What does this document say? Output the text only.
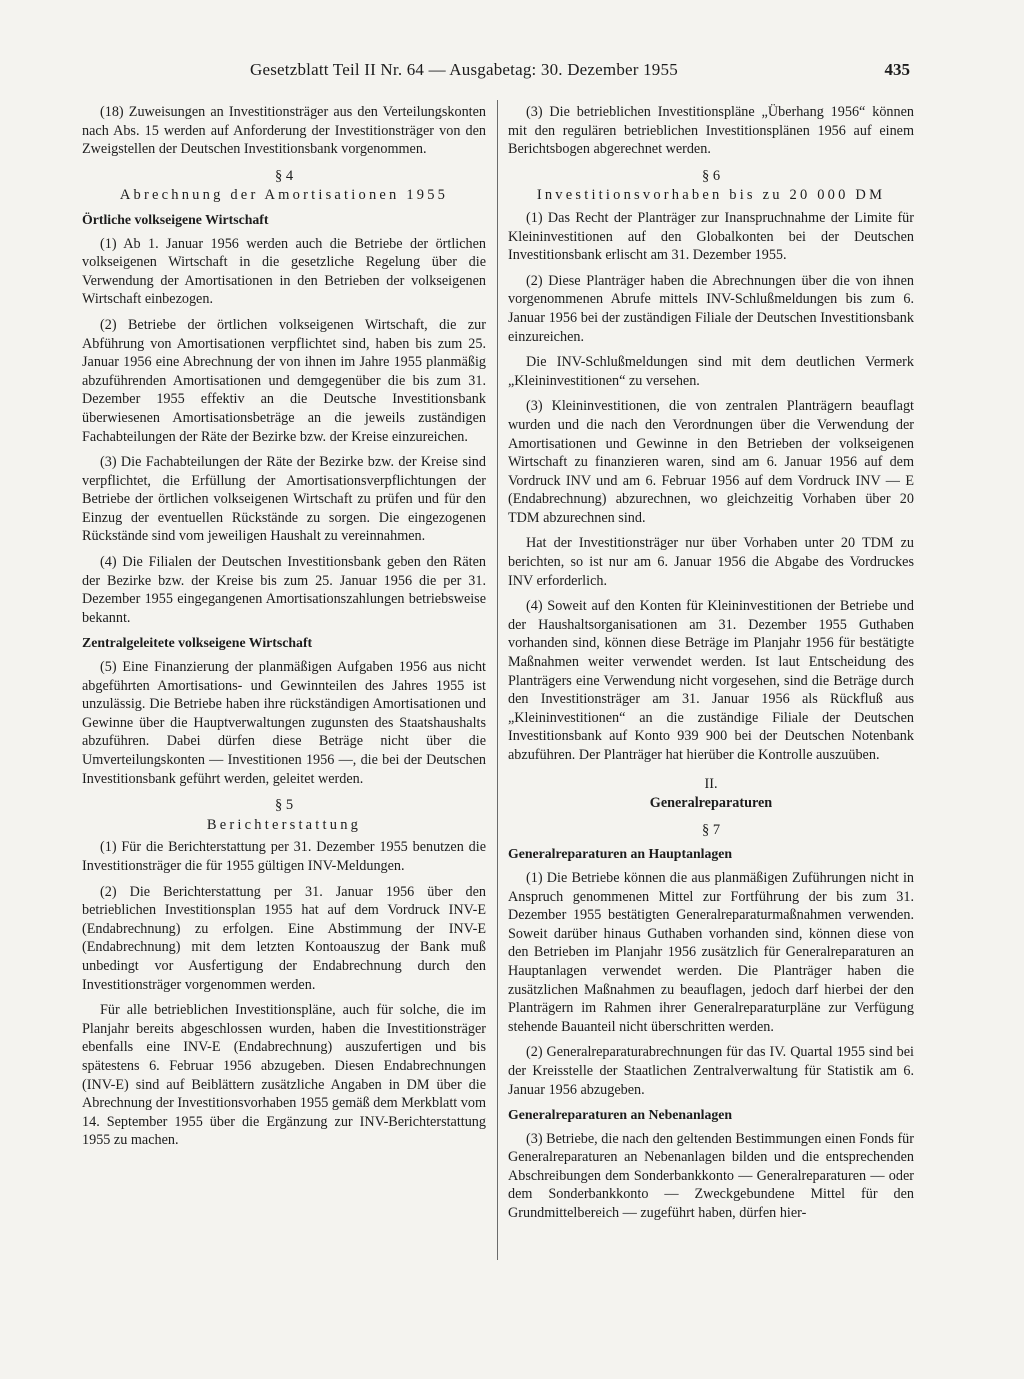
Gesetzblatt Teil II Nr. 64 — Ausgabetag: 30. Dezember 1955	435

(18) Zuweisungen an Investitionsträger aus den Verteilungskonten nach Abs. 15 werden auf Anforderung der Investitionsträger von den Zweigstellen der Deutschen Investitionsbank vorgenommen.

§ 4
Abrechnung der Amortisationen 1955
Örtliche volkseigene Wirtschaft

(1) Ab 1. Januar 1956 werden auch die Betriebe der örtlichen volkseigenen Wirtschaft in die gesetzliche Regelung über die Verwendung der Amortisationen in den Betrieben der volkseigenen Wirtschaft einbezogen.

(2) Betriebe der örtlichen volkseigenen Wirtschaft, die zur Abführung von Amortisationen verpflichtet sind, haben bis zum 25. Januar 1956 eine Abrechnung der von ihnen im Jahre 1955 planmäßig abzuführenden Amortisationen und demgegenüber die bis zum 31. Dezember 1955 effektiv an die Deutsche Investitionsbank überwiesenen Amortisationsbeträge an die jeweils zuständigen Fachabteilungen der Räte der Bezirke bzw. der Kreise einzureichen.

(3) Die Fachabteilungen der Räte der Bezirke bzw. der Kreise sind verpflichtet, die Erfüllung der Amortisationsverpflichtungen der Betriebe der örtlichen volkseigenen Wirtschaft zu prüfen und für den Einzug der eventuellen Rückstände zu sorgen. Die eingezogenen Rückstände sind vom jeweiligen Haushalt zu vereinnahmen.

(4) Die Filialen der Deutschen Investitionsbank geben den Räten der Bezirke bzw. der Kreise bis zum 25. Januar 1956 die per 31. Dezember 1955 eingegangenen Amortisationszahlungen betriebsweise bekannt.

Zentralgeleitete volkseigene Wirtschaft

(5) Eine Finanzierung der planmäßigen Aufgaben 1956 aus nicht abgeführten Amortisations- und Gewinnteilen des Jahres 1955 ist unzulässig. Die Betriebe haben ihre rückständigen Amortisationen und Gewinne über die Hauptverwaltungen zugunsten des Staatshaushalts abzuführen. Dabei dürfen diese Beträge nicht über die Umverteilungskonten — Investitionen 1956 —, die bei der Deutschen Investitionsbank geführt werden, geleitet werden.

§ 5
Berichterstattung

(1) Für die Berichterstattung per 31. Dezember 1955 benutzen die Investitionsträger die für 1955 gültigen INV-Meldungen.

(2) Die Berichterstattung per 31. Januar 1956 über den betrieblichen Investitionsplan 1955 hat auf dem Vordruck INV-E (Endabrechnung) zu erfolgen. Eine Abstimmung der INV-E (Endabrechnung) mit dem letzten Kontoauszug der Bank muß unbedingt vor Ausfertigung der Endabrechnung durch den Investitionsträger vorgenommen werden.

Für alle betrieblichen Investitionspläne, auch für solche, die im Planjahr bereits abgeschlossen wurden, haben die Investitionsträger ebenfalls eine INV-E (Endabrechnung) auszufertigen und bis spätestens 6. Februar 1956 abzugeben. Diesen Endabrechnungen (INV-E) sind auf Beiblättern zusätzliche Angaben in DM über die Abrechnung der Investitionsvorhaben 1955 gemäß dem Merkblatt vom 14. September 1955 über die Ergänzung zur INV-Berichterstattung 1955 zu machen.

(3) Die betrieblichen Investitionspläne „Überhang 1956“ können mit den regulären betrieblichen Investitionsplänen 1956 auf einem Berichtsbogen abgerechnet werden.

§ 6
Investitionsvorhaben bis zu 20 000 DM

(1) Das Recht der Planträger zur Inanspruchnahme der Limite für Kleininvestitionen auf den Globalkonten bei der Deutschen Investitionsbank erlischt am 31. Dezember 1955.

(2) Diese Planträger haben die Abrechnungen über die von ihnen vorgenommenen Abrufe mittels INV-Schlußmeldungen bis zum 6. Januar 1956 bei der zuständigen Filiale der Deutschen Investitionsbank einzureichen.

Die INV-Schlußmeldungen sind mit dem deutlichen Vermerk „Kleininvestitionen“ zu versehen.

(3) Kleininvestitionen, die von zentralen Planträgern beauflagt wurden und die nach den Verordnungen über die Verwendung der Amortisationen und Gewinne in den Betrieben der volkseigenen Wirtschaft zu finanzieren waren, sind am 6. Januar 1956 auf dem Vordruck INV und am 6. Februar 1956 auf dem Vordruck INV — E (Endabrechnung) abzurechnen, wo gleichzeitig Vorhaben über 20 TDM abzurechnen sind.

Hat der Investitionsträger nur über Vorhaben unter 20 TDM zu berichten, so ist nur am 6. Januar 1956 die Abgabe des Vordruckes INV erforderlich.

(4) Soweit auf den Konten für Kleininvestitionen der Betriebe und der Haushaltsorganisationen am 31. Dezember 1955 Guthaben vorhanden sind, können diese Beträge im Planjahr 1956 für bestätigte Maßnahmen weiter verwendet werden. Ist laut Entscheidung des Planträgers eine Verwendung nicht vorgesehen, sind die Beträge durch den Investitionsträger am 31. Januar 1956 als Rückfluß aus „Kleininvestitionen“ an die zuständige Filiale der Deutschen Investitionsbank auf Konto 939 900 bei der Deutschen Notenbank abzuführen. Der Planträger hat hierüber die Kontrolle auszuüben.

II.
Generalreparaturen
§ 7
Generalreparaturen an Hauptanlagen

(1) Die Betriebe können die aus planmäßigen Zuführungen nicht in Anspruch genommenen Mittel zur Fortführung der bis zum 31. Dezember 1955 bestätigten Generalreparaturmaßnahmen verwenden. Soweit darüber hinaus Guthaben vorhanden sind, können diese von den Betrieben im Planjahr 1956 zusätzlich für Generalreparaturen an Hauptanlagen verwendet werden. Die Planträger haben die zusätzlichen Maßnahmen zu beauflagen, jedoch darf hierbei der den Planträgern im Rahmen ihrer Generalreparaturpläne zur Verfügung stehende Bauanteil nicht überschritten werden.

(2) Generalreparaturabrechnungen für das IV. Quartal 1955 sind bei der Kreisstelle der Staatlichen Zentralverwaltung für Statistik am 6. Januar 1956 abzugeben.

Generalreparaturen an Nebenanlagen

(3) Betriebe, die nach den geltenden Bestimmungen einen Fonds für Generalreparaturen an Nebenanlagen bilden und die entsprechenden Abschreibungen dem Sonderbankkonto — Generalreparaturen — oder dem Sonderbankkonto — Zweckgebundene Mittel für den Grundmittelbereich — zugeführt haben, dürfen hier-
